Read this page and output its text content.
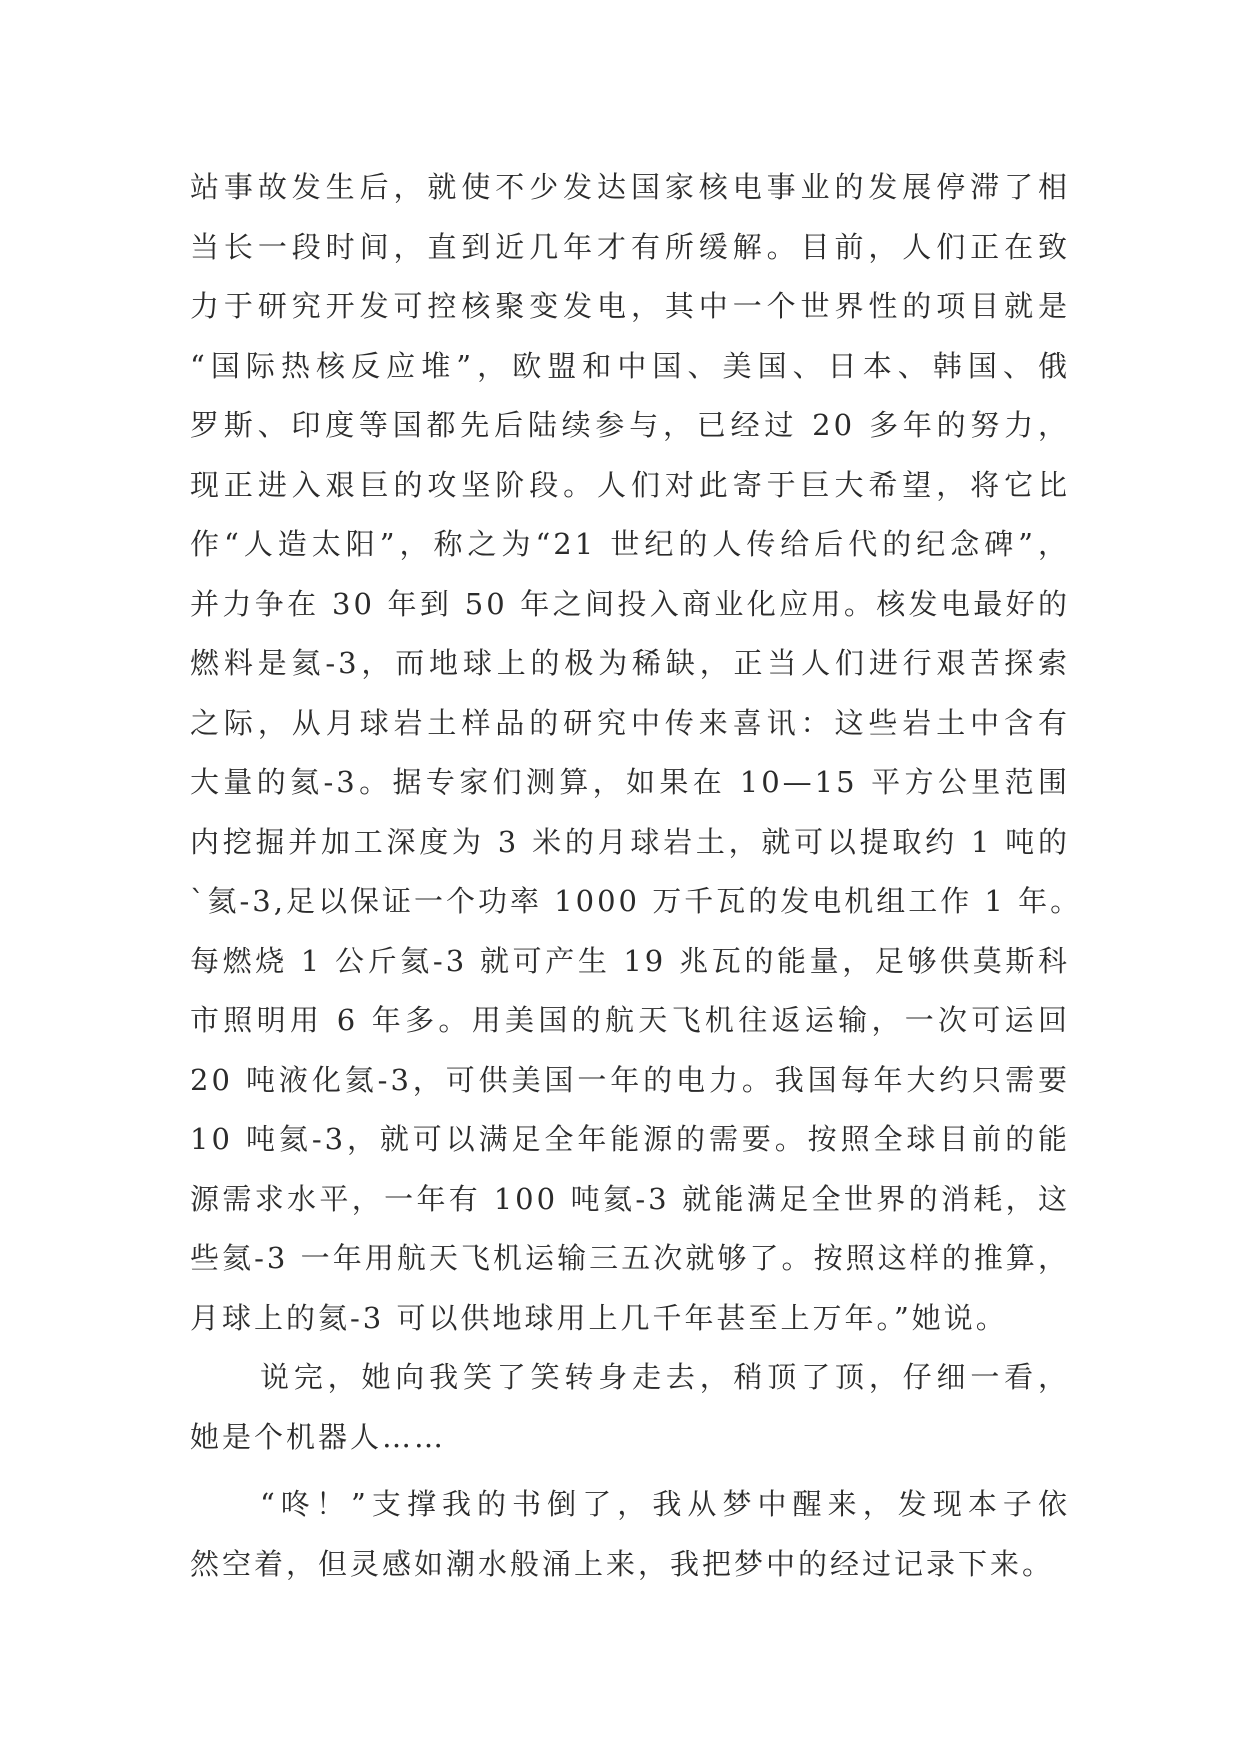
站事故发生后，就使不少发达国家核电事业的发展停滞了相
当长一段时间，直到近几年才有所缓解。目前，人们正在致
力于研究开发可控核聚变发电，其中一个世界性的项目就是
“国际热核反应堆”，欧盟和中国、美国、日本、韩国、俄
罗斯、印度等国都先后陆续参与，已经过 20 多年的努力，
现正进入艰巨的攻坚阶段。人们对此寄于巨大希望，将它比
作“人造太阳”，称之为“21 世纪的人传给后代的纪念碑”，
并力争在 30 年到 50 年之间投入商业化应用。核发电最好的
燃料是氦-3，而地球上的极为稀缺，正当人们进行艰苦探索
之际，从月球岩土样品的研究中传来喜讯：这些岩土中含有
大量的氦-3。据专家们测算，如果在 10—15 平方公里范围
内挖掘并加工深度为 3 米的月球岩土，就可以提取约 1 吨的
`氦-3,足以保证一个功率 1000 万千瓦的发电机组工作 1 年。
每燃烧 1 公斤氦-3 就可产生 19 兆瓦的能量，足够供莫斯科
市照明用 6 年多。用美国的航天飞机往返运输，一次可运回
20 吨液化氦-3，可供美国一年的电力。我国每年大约只需要
10 吨氦-3，就可以满足全年能源的需要。按照全球目前的能
源需求水平，一年有 100 吨氦-3 就能满足全世界的消耗，这
些氦-3 一年用航天飞机运输三五次就够了。按照这样的推算，
月球上的氦-3 可以供地球用上几千年甚至上万年。”她说。
说完，她向我笑了笑转身走去，稍顶了顶，仔细一看，
她是个机器人……
“咚！”支撑我的书倒了，我从梦中醒来，发现本子依
然空着，但灵感如潮水般涌上来，我把梦中的经过记录下来。
